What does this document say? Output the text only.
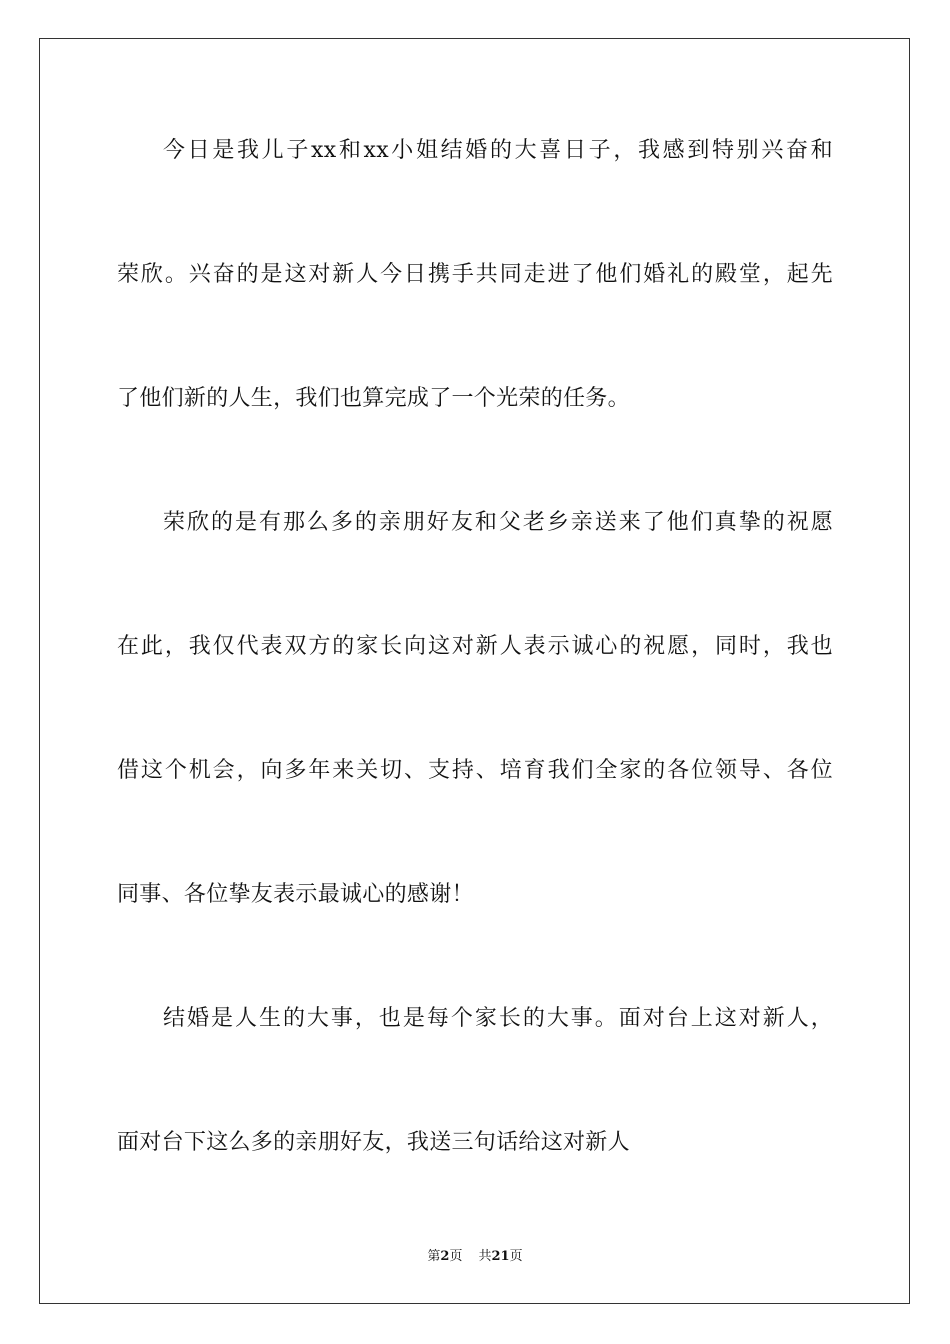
今日是我儿子xx和xx小姐结婚的大喜日子，我感到特别兴奋和
荣欣。兴奋的是这对新人今日携手共同走进了他们婚礼的殿堂，起先
了他们新的人生，我们也算完成了一个光荣的任务。
荣欣的是有那么多的亲朋好友和父老乡亲送来了他们真挚的祝愿
在此，我仅代表双方的家长向这对新人表示诚心的祝愿，同时，我也
借这个机会，向多年来关切、支持、培育我们全家的各位领导、各位
同事、各位挚友表示最诚心的感谢！
结婚是人生的大事，也是每个家长的大事。面对台上这对新人，
面对台下这么多的亲朋好友，我送三句话给这对新人
第2页 共21页
